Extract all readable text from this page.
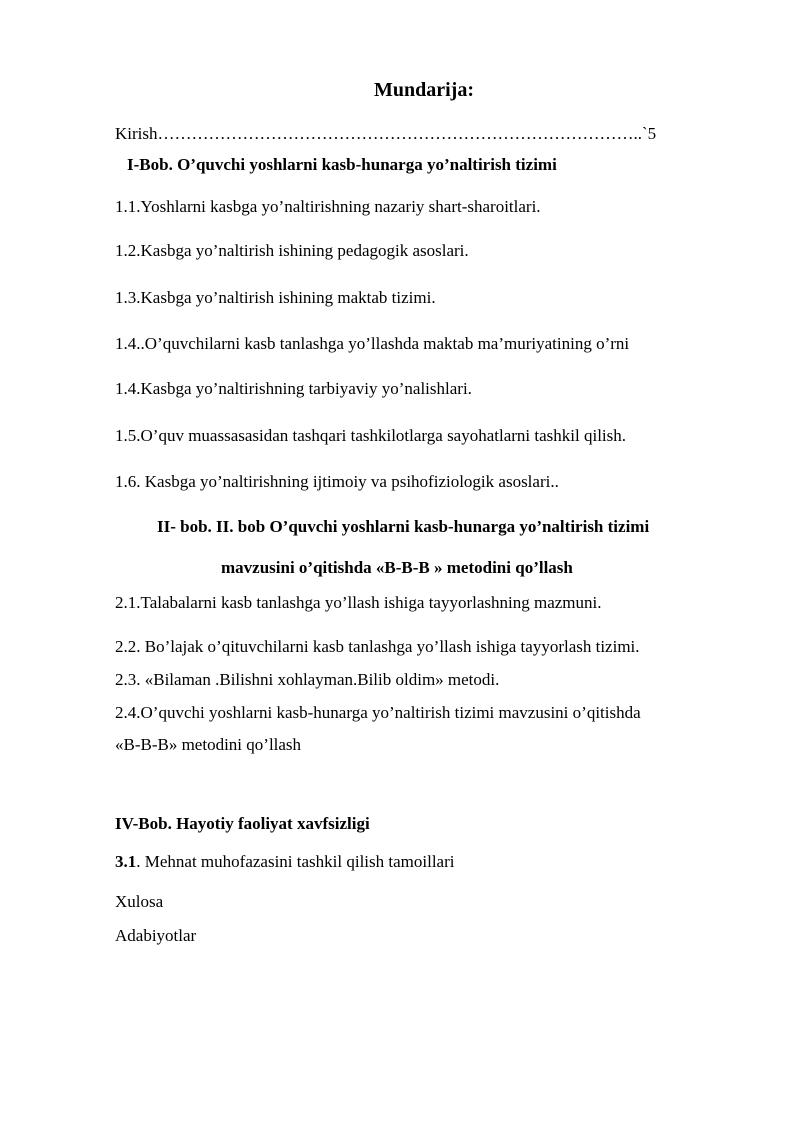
Mundarija:
Kirish…………………………………………………………………………..`5
I-Bob. O’quvchi yoshlarni kasb-hunarga yo’naltirish tizimi
1.1.Yoshlarni kasbga yo’naltirishning nazariy shart-sharoitlari.
1.2.Kasbga yo’naltirish ishining pedagogik asoslari.
1.3.Kasbga yo’naltirish ishining maktab tizimi.
1.4..O’quvchilarni kasb tanlashga yo’llashda maktab ma’muriyatining o’rni
1.4.Kasbga yo’naltirishning tarbiyaviy yo’nalishlari.
1.5.O’quv muassasasidan tashqari tashkilotlarga sayohatlarni tashkil qilish.
1.6. Kasbga yo’naltirishning ijtimoiy va psihofiziologik asoslari..
II- bob. II. bob O’quvchi yoshlarni kasb-hunarga yo’naltirish tizimi
mavzusini o’qitishda «B-B-B » metodini qo’llash
2.1.Talabalarni kasb tanlashga yo’llash ishiga tayyorlashning mazmuni.
2.2. Bo’lajak o’qituvchilarni kasb tanlashga yo’llash ishiga tayyorlash tizimi.
2.3. «Bilaman .Bilishni xohlayman.Bilib oldim» metodi.
2.4.O’quvchi yoshlarni kasb-hunarga yo’naltirish tizimi mavzusini o’qitishda
«B-B-B» metodini qo’llash
IV-Bob. Hayotiy faoliyat xavfsizligi
3.1. Mehnat muhofazasini tashkil qilish tamoillari
Xulosa
Adabiyotlar
